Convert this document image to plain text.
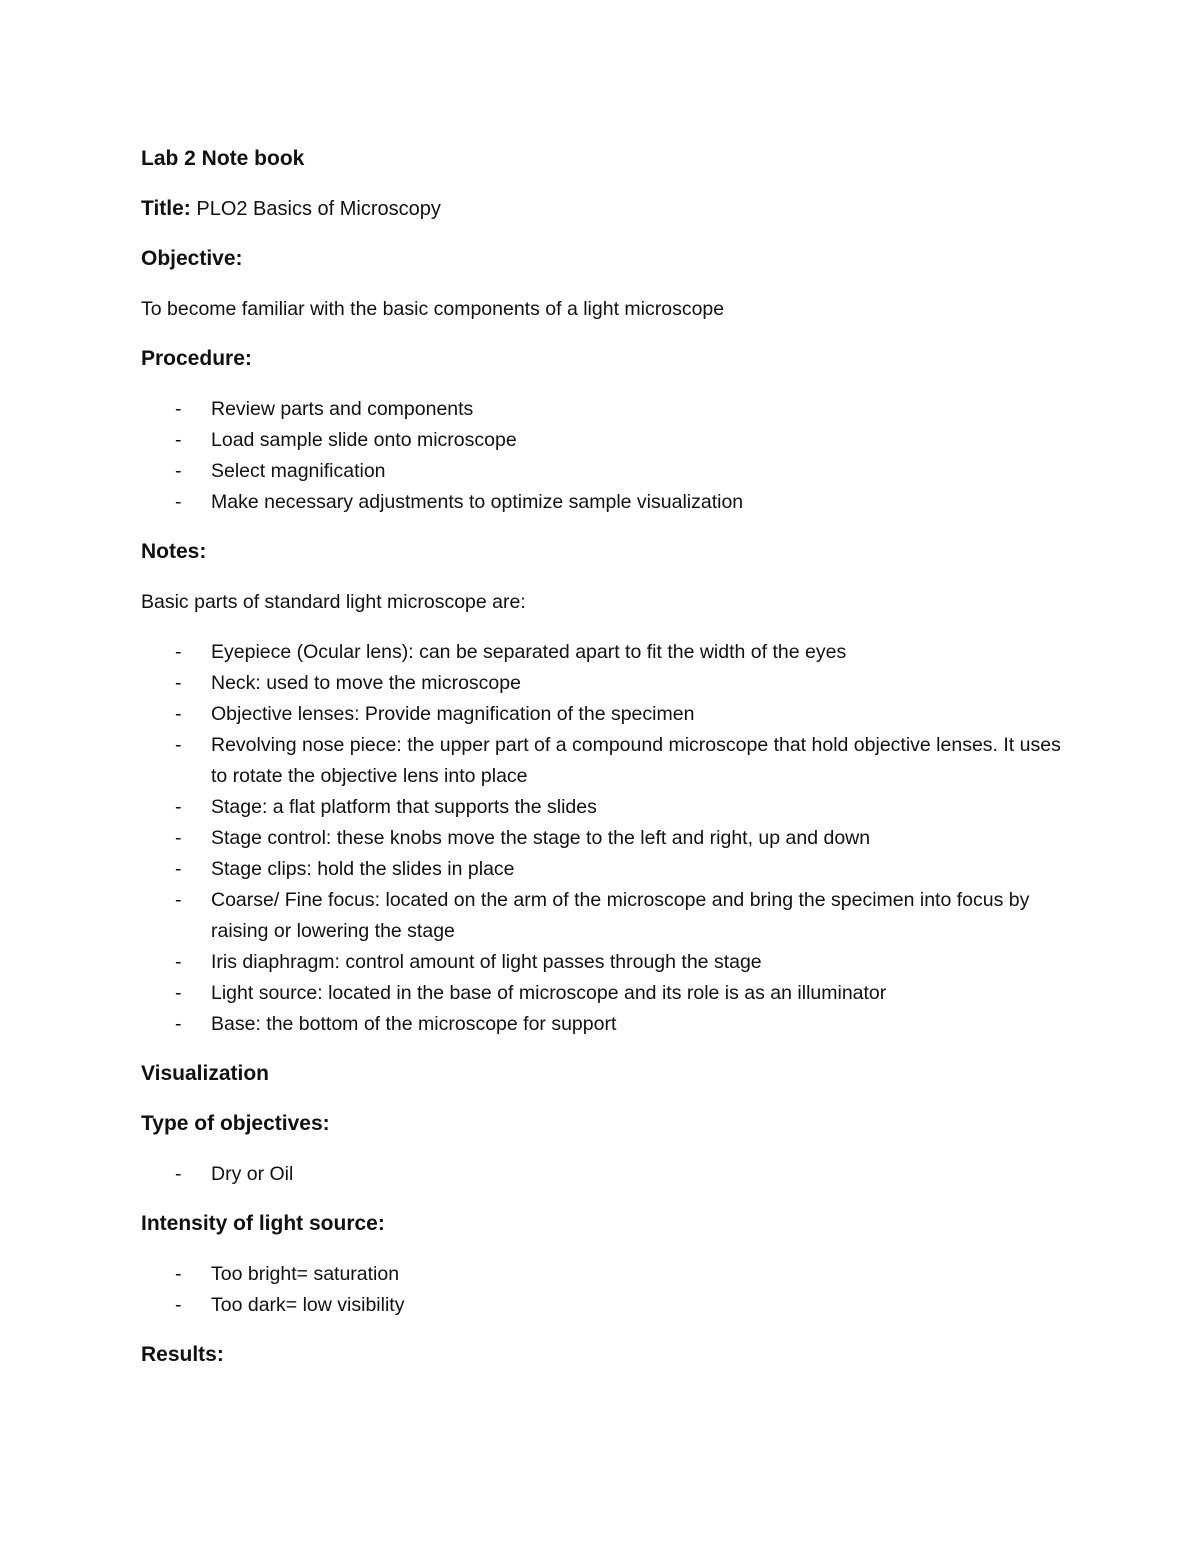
Lab 2 Note book
Title: PLO2 Basics of Microscopy
Objective:
To become familiar with the basic components of a light microscope
Procedure:
-	Review parts and components
-	Load sample slide onto microscope
-	Select magnification
-	Make necessary adjustments to optimize sample visualization
Notes:
Basic parts of standard light microscope are:
-	Eyepiece (Ocular lens): can be separated apart to fit the width of the eyes
-	Neck: used to move the microscope
-	Objective lenses: Provide magnification of the specimen
-	Revolving nose piece: the upper part of a compound microscope that hold objective lenses. It uses to rotate the objective lens into place
-	Stage: a flat platform that supports the slides
-	Stage control: these knobs move the stage to the left and right, up and down
-	Stage clips: hold the slides in place
-	Coarse/ Fine focus: located on the arm of the microscope and bring the specimen into focus by raising or lowering the stage
-	Iris diaphragm: control amount of light passes through the stage
-	Light source: located in the base of microscope and its role is as an illuminator
-	Base: the bottom of the microscope for support
Visualization
Type of objectives:
-	Dry or Oil
Intensity of light source:
-	Too bright= saturation
-	Too dark= low visibility
Results:
